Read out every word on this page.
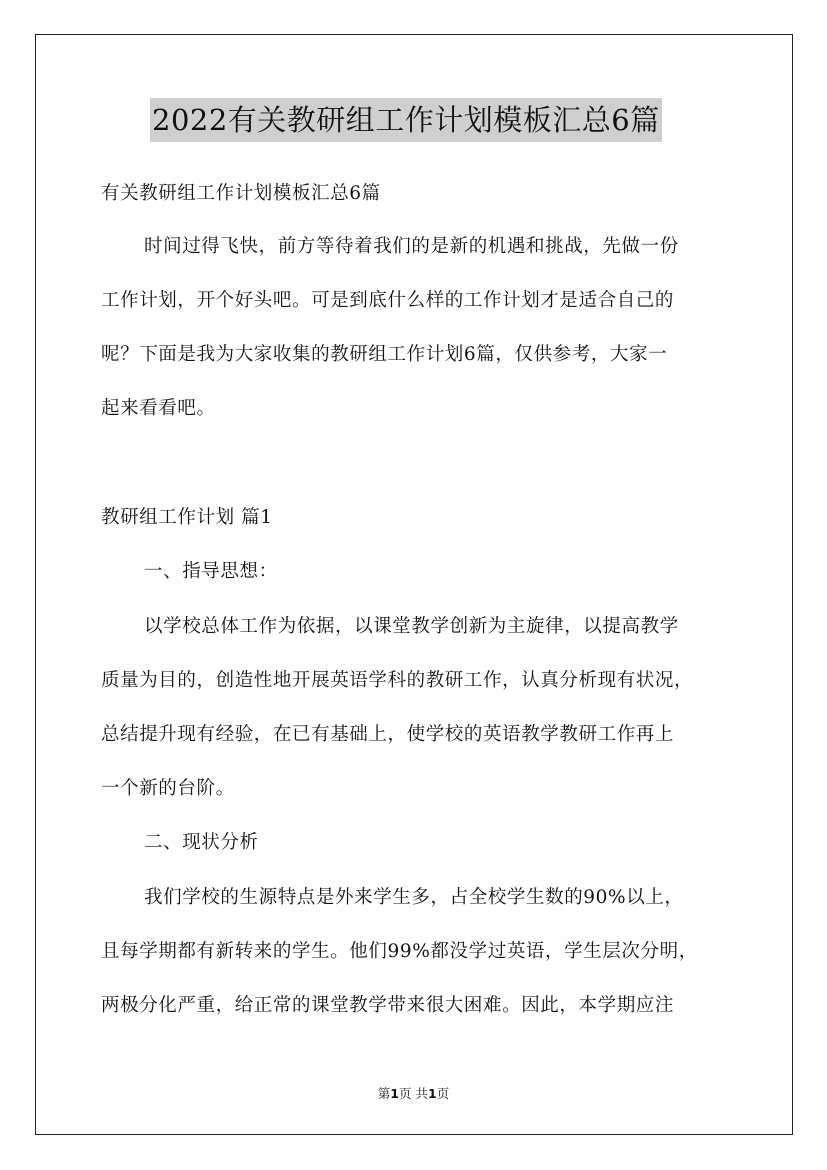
2022有关教研组工作计划模板汇总6篇
有关教研组工作计划模板汇总6篇
时间过得飞快，前方等待着我们的是新的机遇和挑战，先做一份
工作计划，开个好头吧。可是到底什么样的工作计划才是适合自己的
呢？下面是我为大家收集的教研组工作计划6篇，仅供参考，大家一
起来看看吧。
教研组工作计划 篇1
一、指导思想：
以学校总体工作为依据，以课堂教学创新为主旋律，以提高教学
质量为目的，创造性地开展英语学科的教研工作，认真分析现有状况，
总结提升现有经验，在已有基础上，使学校的英语教学教研工作再上
一个新的台阶。
二、现状分析
我们学校的生源特点是外来学生多，占全校学生数的90%以上，
且每学期都有新转来的学生。他们99%都没学过英语，学生层次分明，
两极分化严重，给正常的课堂教学带来很大困难。因此，本学期应注
第1页 共1页
